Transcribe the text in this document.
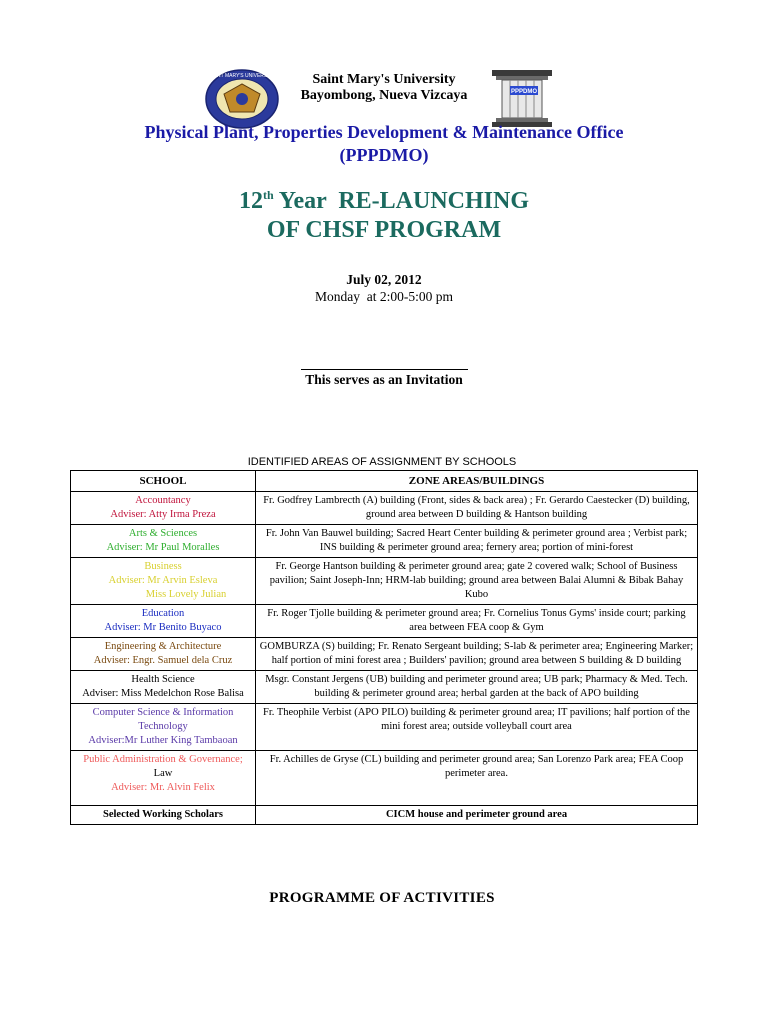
SAINT MARY'S UNIVERSITY
PPPDMO
Saint Mary's University
Bayombong, Nueva Vizcaya
Physical Plant, Properties Development & Maintenance Office
(PPPDMO)
12th Year  RE-LAUNCHING
OF CHSF PROGRAM
July 02, 2012
Monday  at 2:00-5:00 pm
This serves as an Invitation
IDENTIFIED AREAS OF ASSIGNMENT BY SCHOOLS
SCHOOL	ZONE AREAS/BUILDINGS

Accountancy
Adviser: Atty Irma Preza	Fr. Godfrey Lambrecth (A) building (Front, sides & back area) ; Fr. Gerardo Caestecker (D) building, ground area between D building & Hantson building

Arts & Sciences
Adviser: Mr Paul Moralles	Fr. John Van Bauwel building; Sacred Heart Center building & perimeter ground area ; Verbist park; INS building & perimeter ground area; fernery area; portion of mini-forest

Business
Adviser: Mr Arvin Esleva
Miss Lovely Julian	Fr. George Hantson building & perimeter ground area; gate 2 covered walk; School of Business pavilion; Saint Joseph-Inn; HRM-lab building; ground area between Balai Alumni & Bibak Bahay Kubo

Education
Adviser: Mr Benito Buyaco	Fr. Roger Tjolle building & perimeter ground area; Fr. Cornelius Tonus Gyms' inside court; parking area between FEA coop & Gym

Engineering & Architecture
Adviser: Engr. Samuel dela Cruz	GOMBURZA (S) building; Fr. Renato Sergeant building; S-lab & perimeter area; Engineering Marker; half portion of mini forest area ; Builders' pavilion; ground area between S building & D building

Health Science
Adviser: Miss Medelchon Rose Balisa	Msgr. Constant Jergens (UB) building and perimeter ground area; UB park; Pharmacy & Med. Tech. building & perimeter ground area; herbal garden at the back of APO building

Computer Science & Information Technology
Adviser:Mr Luther King Tambaoan	Fr. Theophile Verbist (APO PILO) building & perimeter ground area; IT pavilions; half portion of the mini forest area; outside volleyball court area

Public Administration & Governance;
Law
Adviser: Mr. Alvin Felix	Fr. Achilles de Gryse (CL) building and perimeter ground area; San Lorenzo Park area; FEA Coop perimeter area.
Selected Working Scholars	CICM house and perimeter ground area
PROGRAMME OF ACTIVITIES
